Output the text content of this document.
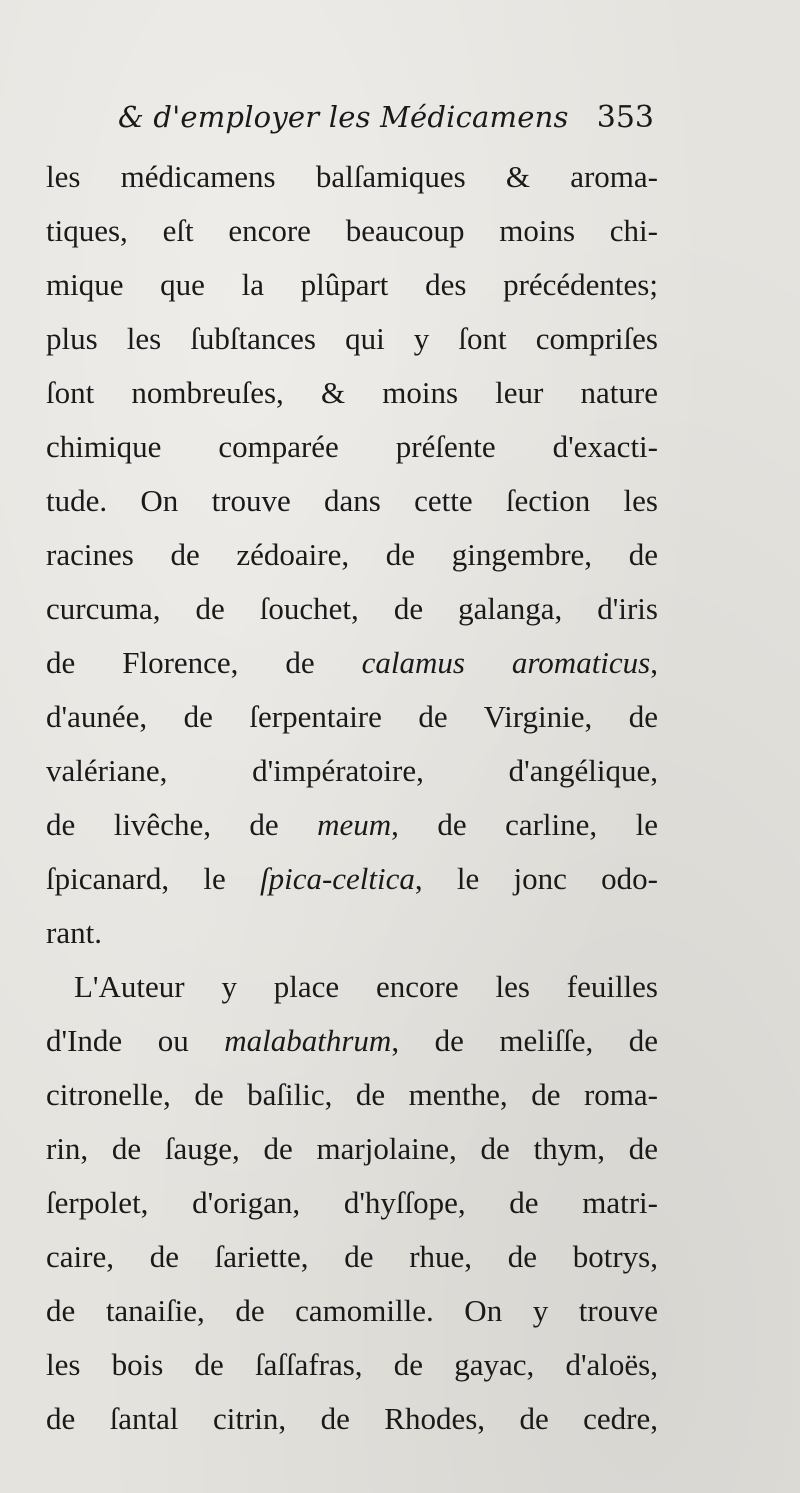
& d'employer les Médicamens 353
les médicamens balſamiques & aroma-
tiques, eſt encore beaucoup moins chi-
mique que la plûpart des précédentes;
plus les ſubſtances qui y ſont compriſes
ſont nombreuſes, & moins leur nature
chimique comparée préſente d'exacti-
tude. On trouve dans cette ſection les
racines de zédoaire, de gingembre, de
curcuma, de ſouchet, de galanga, d'iris
de Florence, de calamus aromaticus,
d'aunée, de ſerpentaire de Virginie, de
valériane, d'impératoire, d'angélique,
de livêche, de meum, de carline, le
ſpicanard, le ſpica-celtica, le jonc odo-
rant.
L'Auteur y place encore les feuilles
d'Inde ou malabathrum, de meliſſe, de
citronelle, de baſilic, de menthe, de roma-
rin, de ſauge, de marjolaine, de thym, de
ſerpolet, d'origan, d'hyſſope, de matri-
caire, de ſariette, de rhue, de botrys,
de tanaiſie, de camomille. On y trouve
les bois de ſaſſafras, de gayac, d'aloës,
de ſantal citrin, de Rhodes, de cedre,
